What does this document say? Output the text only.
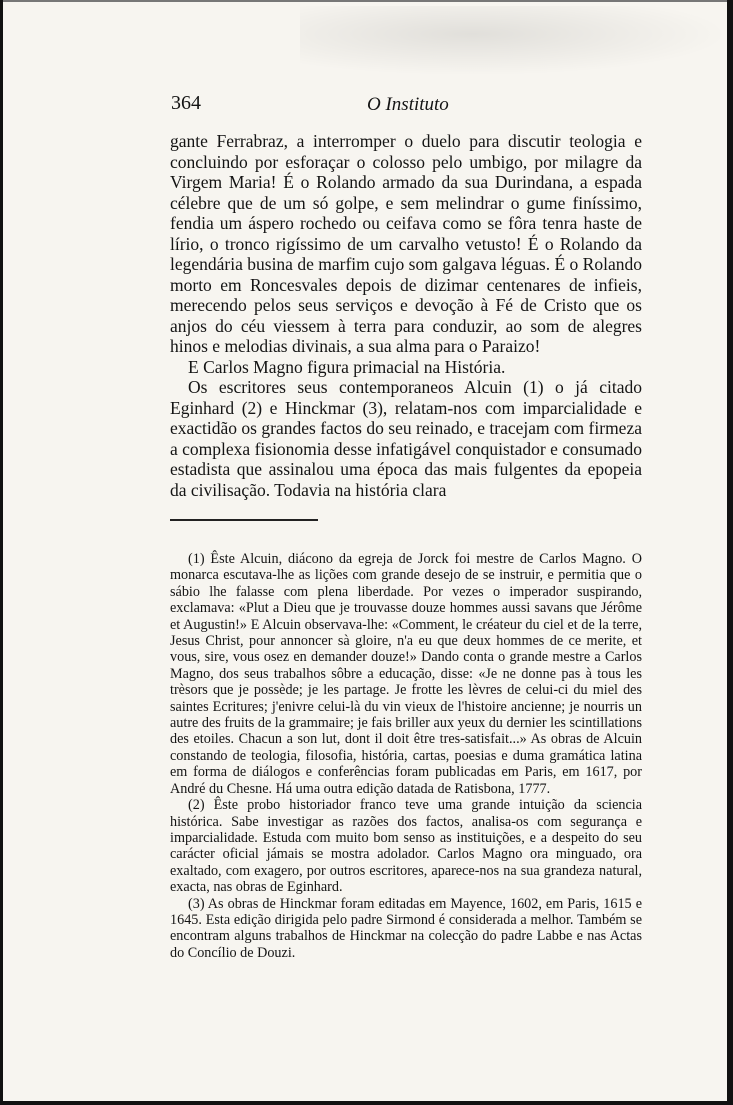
364	O Instituto

gante Ferrabraz, a interromper o duelo para discutir teologia e concluindo por esforaçar o colosso pelo umbigo, por milagre da Virgem Maria! É o Rolando armado da sua Durindana, a espada célebre que de um só golpe, e sem melindrar o gume finíssimo, fendia um áspero rochedo ou ceifava como se fôra tenra haste de lírio, o tronco rigíssimo de um carvalho vetusto! É o Rolando da legendária busina de marfim cujo som galgava léguas. É o Rolando morto em Roncesvales depois de dizimar centenares de infieis, merecendo pelos seus serviços e devoção à Fé de Cristo que os anjos do céu viessem à terra para conduzir, ao som de alegres hinos e melodias divinais, a sua alma para o Paraizo!

E Carlos Magno figura primacial na História.

Os escritores seus contemporaneos Alcuin (1) o já citado Eginhard (2) e Hinckmar (3), relatam-nos com imparcialidade e exactidão os grandes factos do seu reinado, e tracejam com firmeza a complexa fisionomia desse infatigável conquistador e consumado estadista que assinalou uma época das mais fulgentes da epopeia da civilisação. Todavia na história clara

(1) Êste Alcuin, diácono da egreja de Jorck foi mestre de Carlos Magno. O monarca escutava-lhe as lições com grande desejo de se instruir, e permitia que o sábio lhe falasse com plena liberdade. Por vezes o imperador suspirando, exclamava: «Plut a Dieu que je trouvasse douze hommes aussi savans que Jérôme et Augustin!» E Alcuin observava-lhe: «Comment, le créateur du ciel et de la terre, Jesus Christ, pour annoncer sà gloire, n'a eu que deux hommes de ce merite, et vous, sire, vous osez en demander douze!» Dando conta o grande mestre a Carlos Magno, dos seus trabalhos sôbre a educação, disse: «Je ne donne pas à tous les trèsors que je possède; je les partage. Je frotte les lèvres de celui-ci du miel des saintes Ecritures; j'enivre celui-là du vin vieux de l'histoire ancienne; je nourris un autre des fruits de la grammaire; je fais briller aux yeux du dernier les scintillations des etoiles. Chacun a son lut, dont il doit être tres-satisfait...» As obras de Alcuin constando de teologia, filosofia, história, cartas, poesias e duma gramática latina em forma de diálogos e conferências foram publicadas em Paris, em 1617, por André du Chesne. Há uma outra edição datada de Ratisbona, 1777.

(2) Êste probo historiador franco teve uma grande intuição da sciencia histórica. Sabe investigar as razões dos factos, analisa-os com segurança e imparcialidade. Estuda com muito bom senso as instituições, e a despeito do seu carácter oficial jámais se mostra adolador. Carlos Magno ora minguado, ora exaltado, com exagero, por outros escritores, aparece-nos na sua grandeza natural, exacta, nas obras de Eginhard.

(3) As obras de Hinckmar foram editadas em Mayence, 1602, em Paris, 1615 e 1645. Esta edição dirigida pelo padre Sirmond é considerada a melhor. Também se encontram alguns trabalhos de Hinckmar na colecção do padre Labbe e nas Actas do Concílio de Douzi.
